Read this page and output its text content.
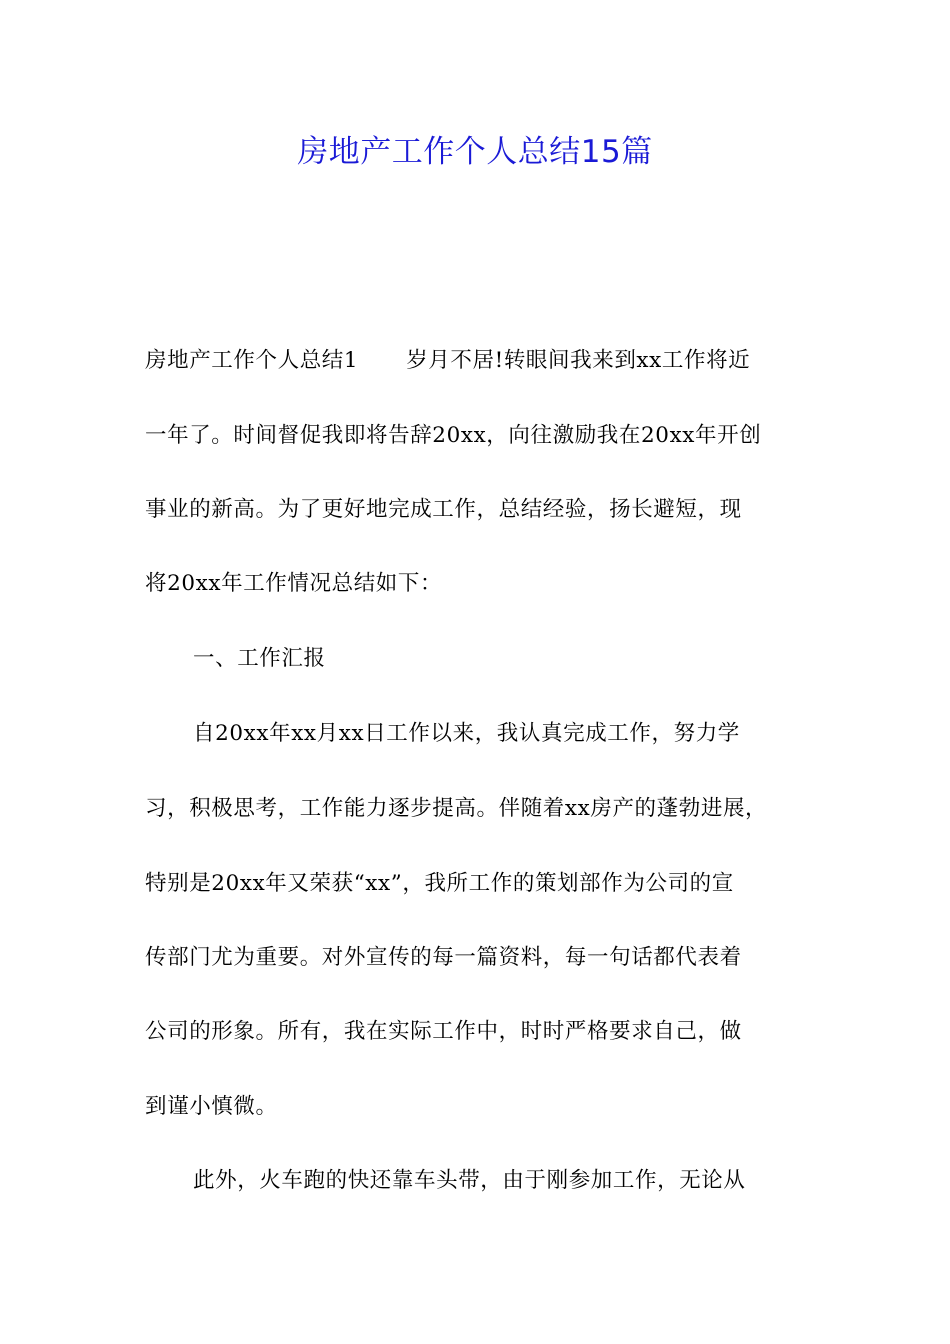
房地产工作个人总结15篇
房地产工作个人总结1 岁月不居!转眼间我来到xx工作将近
一年了。时间督促我即将告辞20xx，向往激励我在20xx年开创
事业的新高。为了更好地完成工作，总结经验，扬长避短，现
将20xx年工作情况总结如下：
一、工作汇报
自20xx年xx月xx日工作以来，我认真完成工作，努力学
习，积极思考，工作能力逐步提高。伴随着xx房产的蓬勃进展，
特别是20xx年又荣获“xx”，我所工作的策划部作为公司的宣
传部门尤为重要。对外宣传的每一篇资料，每一句话都代表着
公司的形象。所有，我在实际工作中，时时严格要求自己，做
到谨小慎微。
此外，火车跑的快还靠车头带，由于刚参加工作，无论从
